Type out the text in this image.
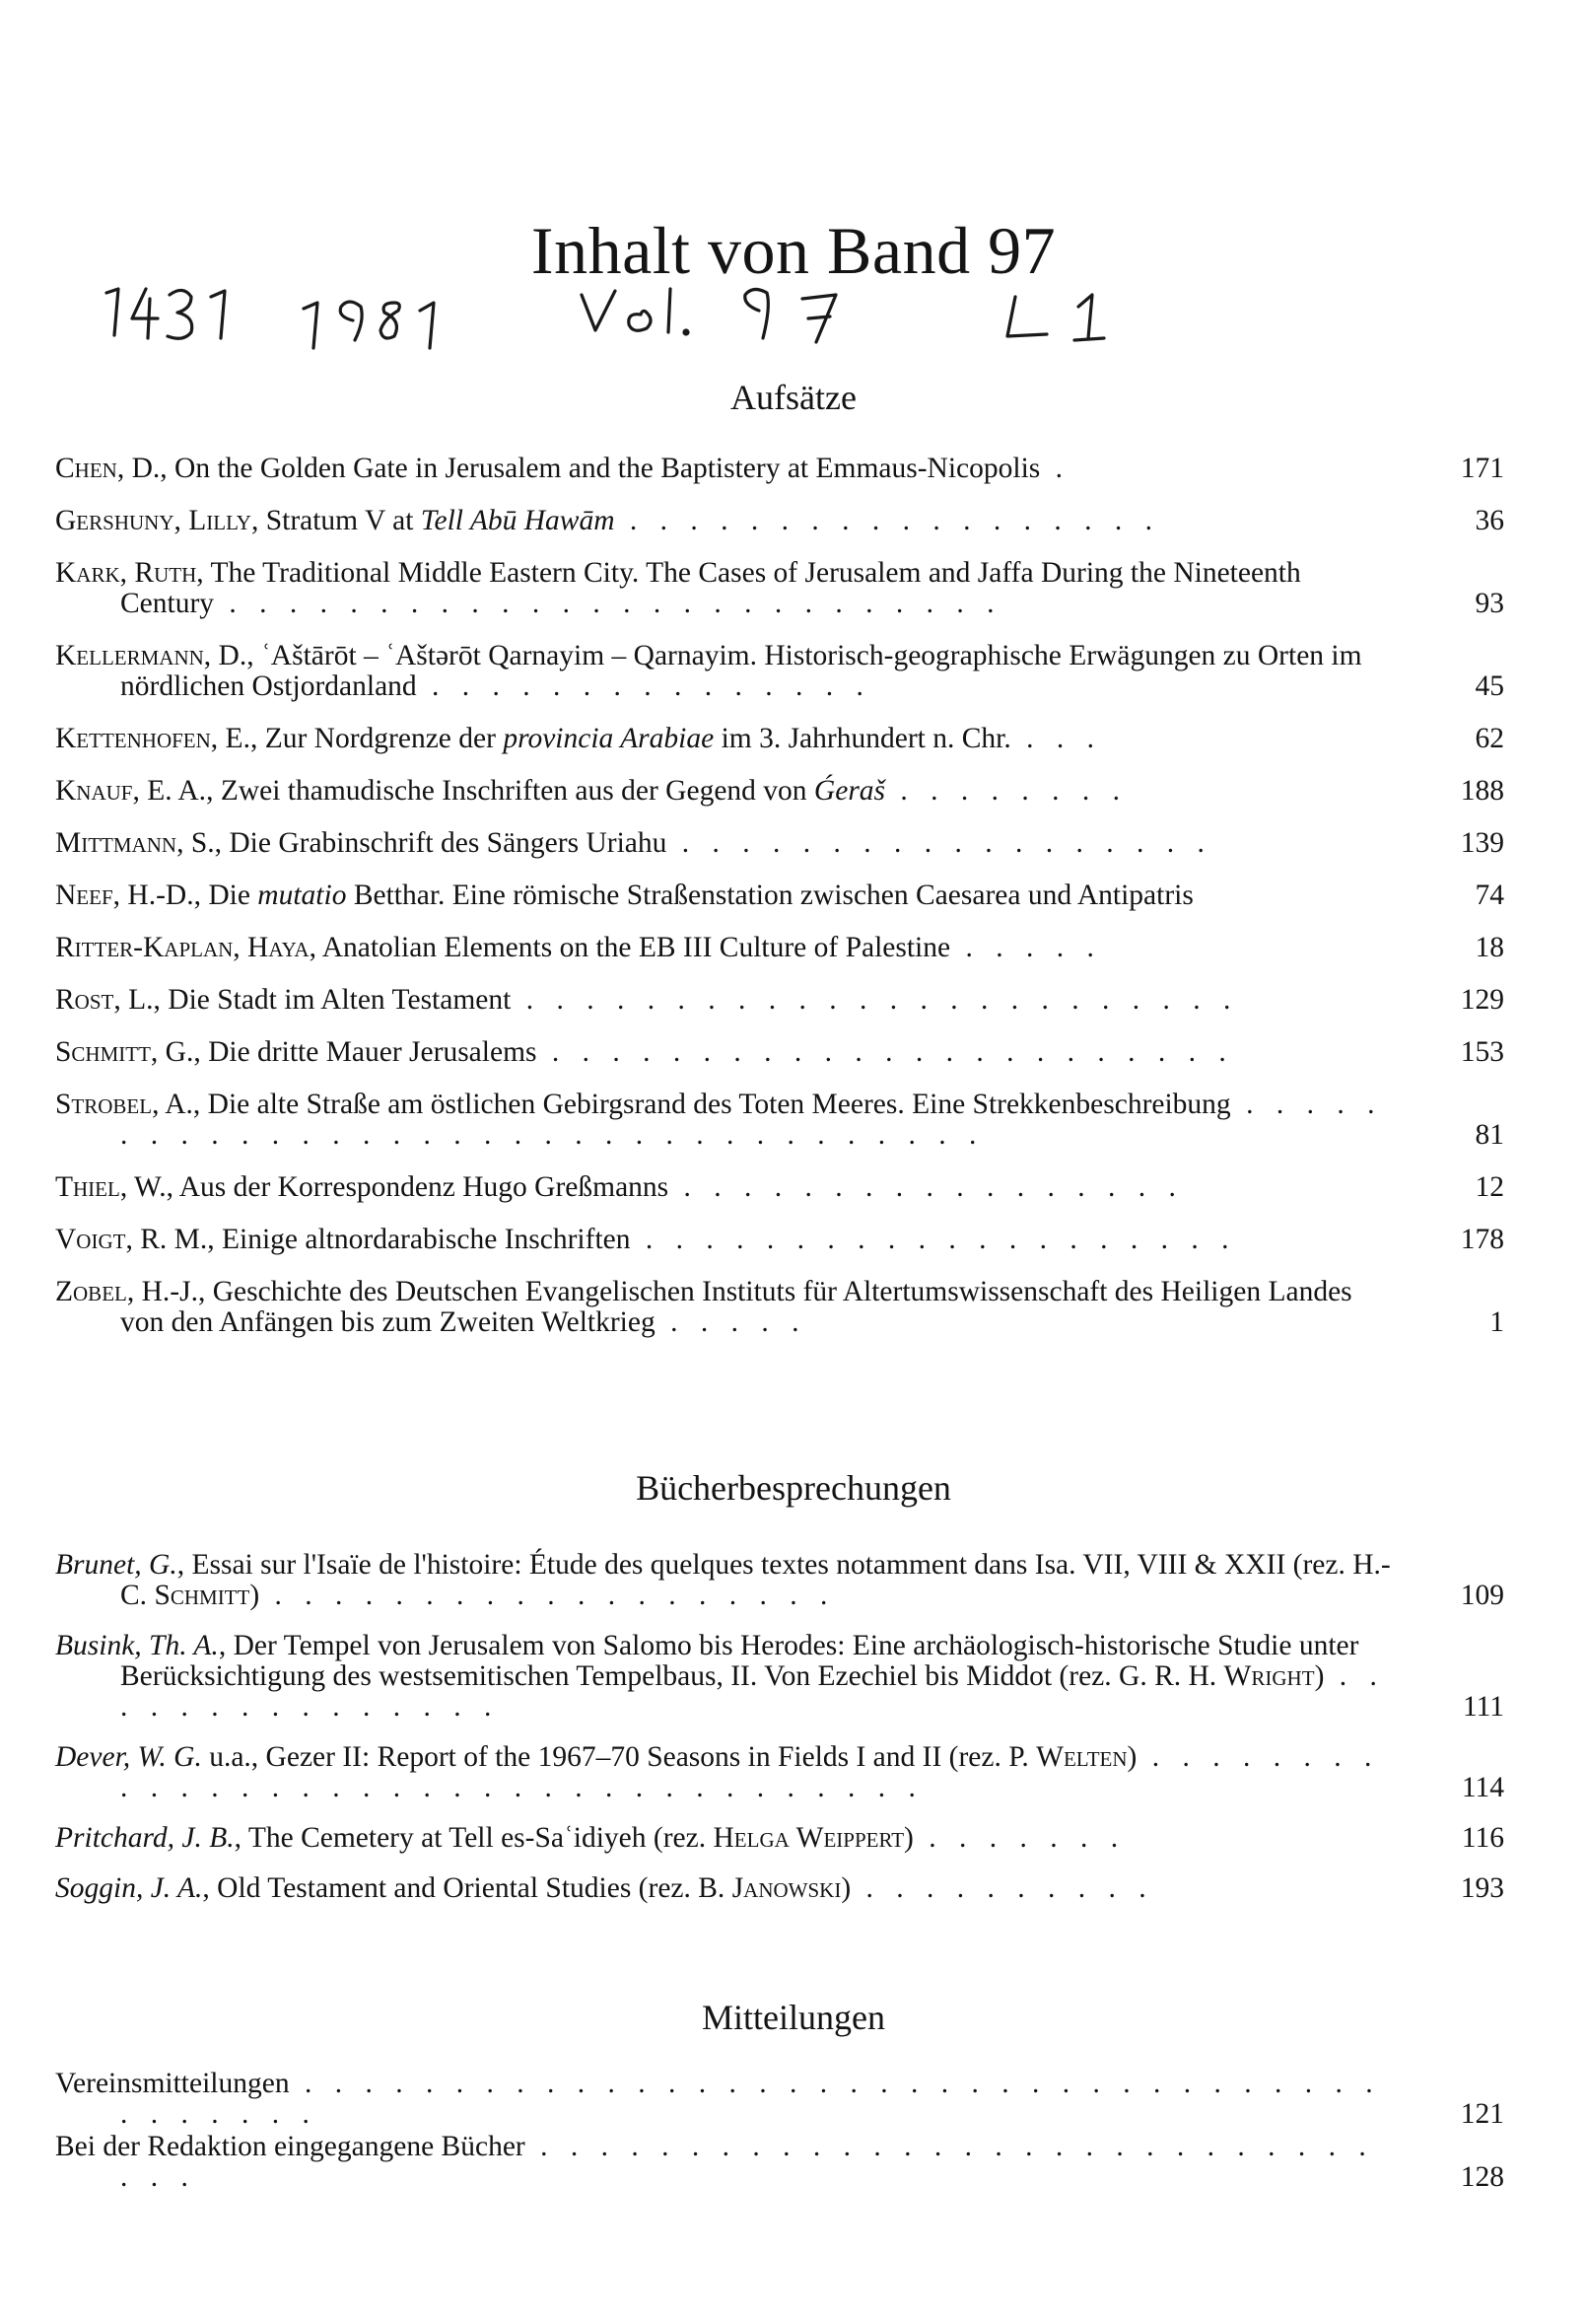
Inhalt von Band 97
Aufsätze
Chen, D., On the Golden Gate in Jerusalem and the Baptistery at Emmaus-Nicopolis .	171
Gershuny, Lilly, Stratum V at Tell Abū Hawām . . . . . . . . . . . . . . . . . .	36
Kark, Ruth, The Traditional Middle Eastern City. The Cases of Jerusalem and Jaffa During the Nineteenth Century . . . . . . . . . . . . . . . . . . . . . . . . . .	93
Kellermann, D., ʿAštārōt – ʿAštərōt Qarnayim – Qarnayim. Historisch-geographische Erwägungen zu Orten im nördlichen Ostjordanland . . . . . . . . . . . . . . .	45
Kettenhofen, E., Zur Nordgrenze der provincia Arabiae im 3. Jahrhundert n. Chr. . . .	62
Knauf, E. A., Zwei thamudische Inschriften aus der Gegend von Ǵeraš . . . . . . . .	188
Mittmann, S., Die Grabinschrift des Sängers Uriahu . . . . . . . . . . . . . . . . . .	139
Neef, H.-D., Die mutatio Betthar. Eine römische Straßenstation zwischen Caesarea und Antipatris	74
Ritter-Kaplan, Haya, Anatolian Elements on the EB III Culture of Palestine . . . . .	18
Rost, L., Die Stadt im Alten Testament . . . . . . . . . . . . . . . . . . . . . . . .	129
Schmitt, G., Die dritte Mauer Jerusalems . . . . . . . . . . . . . . . . . . . . . . .	153
Strobel, A., Die alte Straße am östlichen Gebirgsrand des Toten Meeres. Eine Strekkenbeschreibung . . . . . . . . . . . . . . . . . . . . . . . . . . . . . . . . . .	81
Thiel, W., Aus der Korrespondenz Hugo Greßmanns . . . . . . . . . . . . . . . . .	12
Voigt, R. M., Einige altnordarabische Inschriften . . . . . . . . . . . . . . . . . . . .	178
Zobel, H.-J., Geschichte des Deutschen Evangelischen Instituts für Altertumswissenschaft des Heiligen Landes von den Anfängen bis zum Zweiten Weltkrieg . . . . .	1
Bücherbesprechungen
Brunet, G., Essai sur l'Isaïe de l'histoire: Étude des quelques textes notamment dans Isa. VII, VIII & XXII (rez. H.-C. Schmitt) . . . . . . . . . . . . . . . . . . .	109
Busink, Th. A., Der Tempel von Jerusalem von Salomo bis Herodes: Eine archäologisch-historische Studie unter Berücksichtigung des westsemitischen Tempelbaus, II. Von Ezechiel bis Middot (rez. G. R. H. Wright) . . . . . . . . . . . . . . .	111
Dever, W. G. u.a., Gezer II: Report of the 1967–70 Seasons in Fields I and II (rez. P. Welten) . . . . . . . . . . . . . . . . . . . . . . . . . . . . . . . . . . .	114
Pritchard, J. B., The Cemetery at Tell es-Saʿidiyeh (rez. Helga Weippert) . . . . . . .	116
Soggin, J. A., Old Testament and Oriental Studies (rez. B. Janowski) . . . . . . . . . .	193
Mitteilungen
Vereinsmitteilungen . . . . . . . . . . . . . . . . . . . . . . . . . . . . . . . . . . . . . . . . . . .	121
Bei der Redaktion eingegangene Bücher . . . . . . . . . . . . . . . . . . . . . . . . . . . . . . .	128
